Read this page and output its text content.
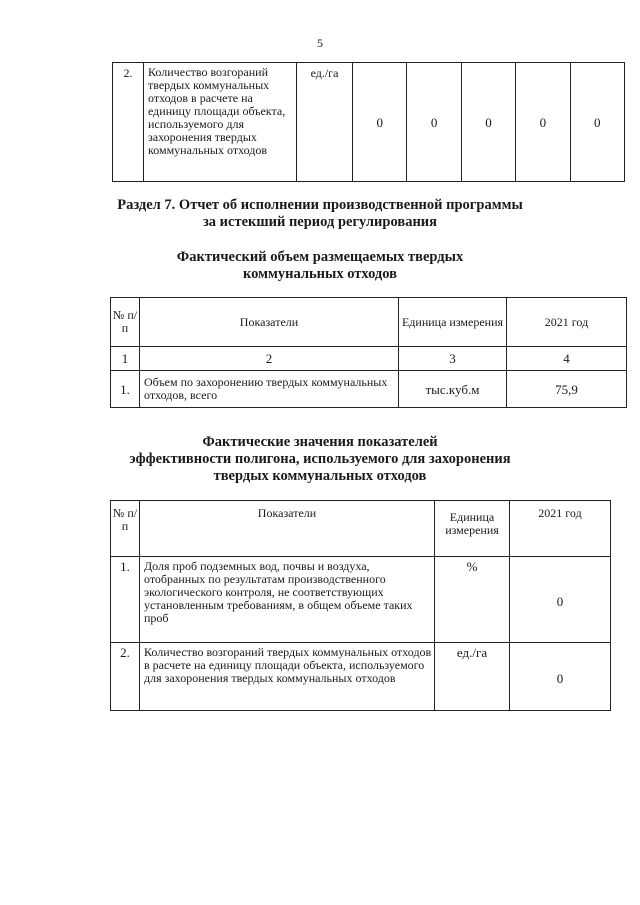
5
2.	Количество возгораний твердых коммунальных отходов в расчете на единицу площади объекта, используемого для захоронения твердых коммунальных отходов	ед./га	0	0	0	0	0
Раздел 7. Отчет об исполнении производственной программы
за истекший период регулирования
Фактический объем размещаемых твердых
коммунальных отходов
№ п/п	Показатели	Единица измерения	2021 год
1	2	3	4
1.	Объем по захоронению твердых коммунальных отходов, всего	тыс.куб.м	75,9
Фактические значения показателей
эффективности полигона, используемого для захоронения
твердых коммунальных отходов
№ п/п	Показатели	Единица измерения	2021 год
1.	Доля проб подземных вод, почвы и воздуха, отобранных по результатам производственного экологического контроля, не соответствующих установленным требованиям, в общем объеме таких проб	%	0
2.	Количество возгораний твердых коммунальных отходов в расчете на единицу площади объекта, используемого для захоронения твердых коммунальных отходов	ед./га	0
